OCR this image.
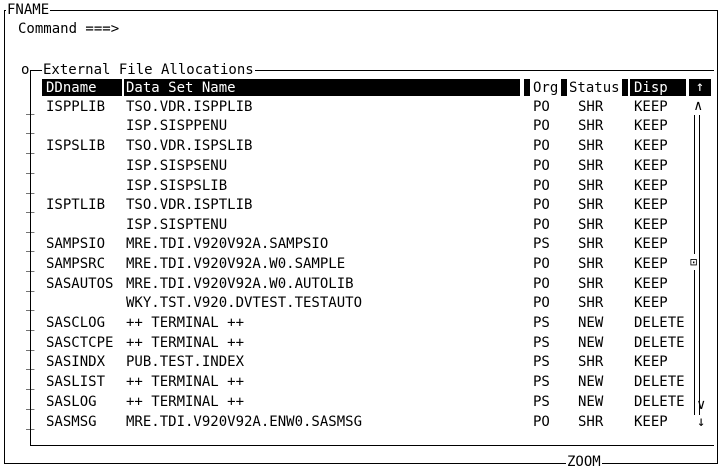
FNAME
Command ===>
o External File Allocations
DDname Data Set Name	Org Status Disp
_ ISPPLIB TSO.VDR.ISPPLIB	PO SHR KEEP
_	ISP.SISPPENU	PO SHR KEEP
_ ISPSLIB TSO.VDR.ISPSLIB	PO SHR KEEP
_	ISP.SISPSENU	PO SHR KEEP
_	ISP.SISPSLIB	PO SHR KEEP
_ ISPTLIB TSO.VDR.ISPTLIB	PO SHR KEEP
_	ISP.SISPTENU	PO SHR KEEP
_ SAMPSIO MRE.TDI.V920V92A.SAMPSIO	PS SHR KEEP
_ SAMPSRC MRE.TDI.V920V92A.W0.SAMPLE	PO SHR KEEP
_ SASAUTOS MRE.TDI.V920V92A.W0.AUTOLIB	PO SHR KEEP
_	WKY.TST.V920.DVTEST.TESTAUTO	PO SHR KEEP
_ SASCLOG ++ TERMINAL ++	PS NEW DELETE
_ SASCTCPE ++ TERMINAL ++	PS NEW DELETE
_ SASINDX PUB.TEST.INDEX	PS SHR KEEP
_ SASLIST ++ TERMINAL ++	PS NEW DELETE
_ SASLOG ++ TERMINAL ++	PS NEW DELETE
_ SASMSG MRE.TDI.V920V92A.ENW0.SASMSG	PO SHR KEEP
↑
∧
⊡
∨
↓
ZOOM
